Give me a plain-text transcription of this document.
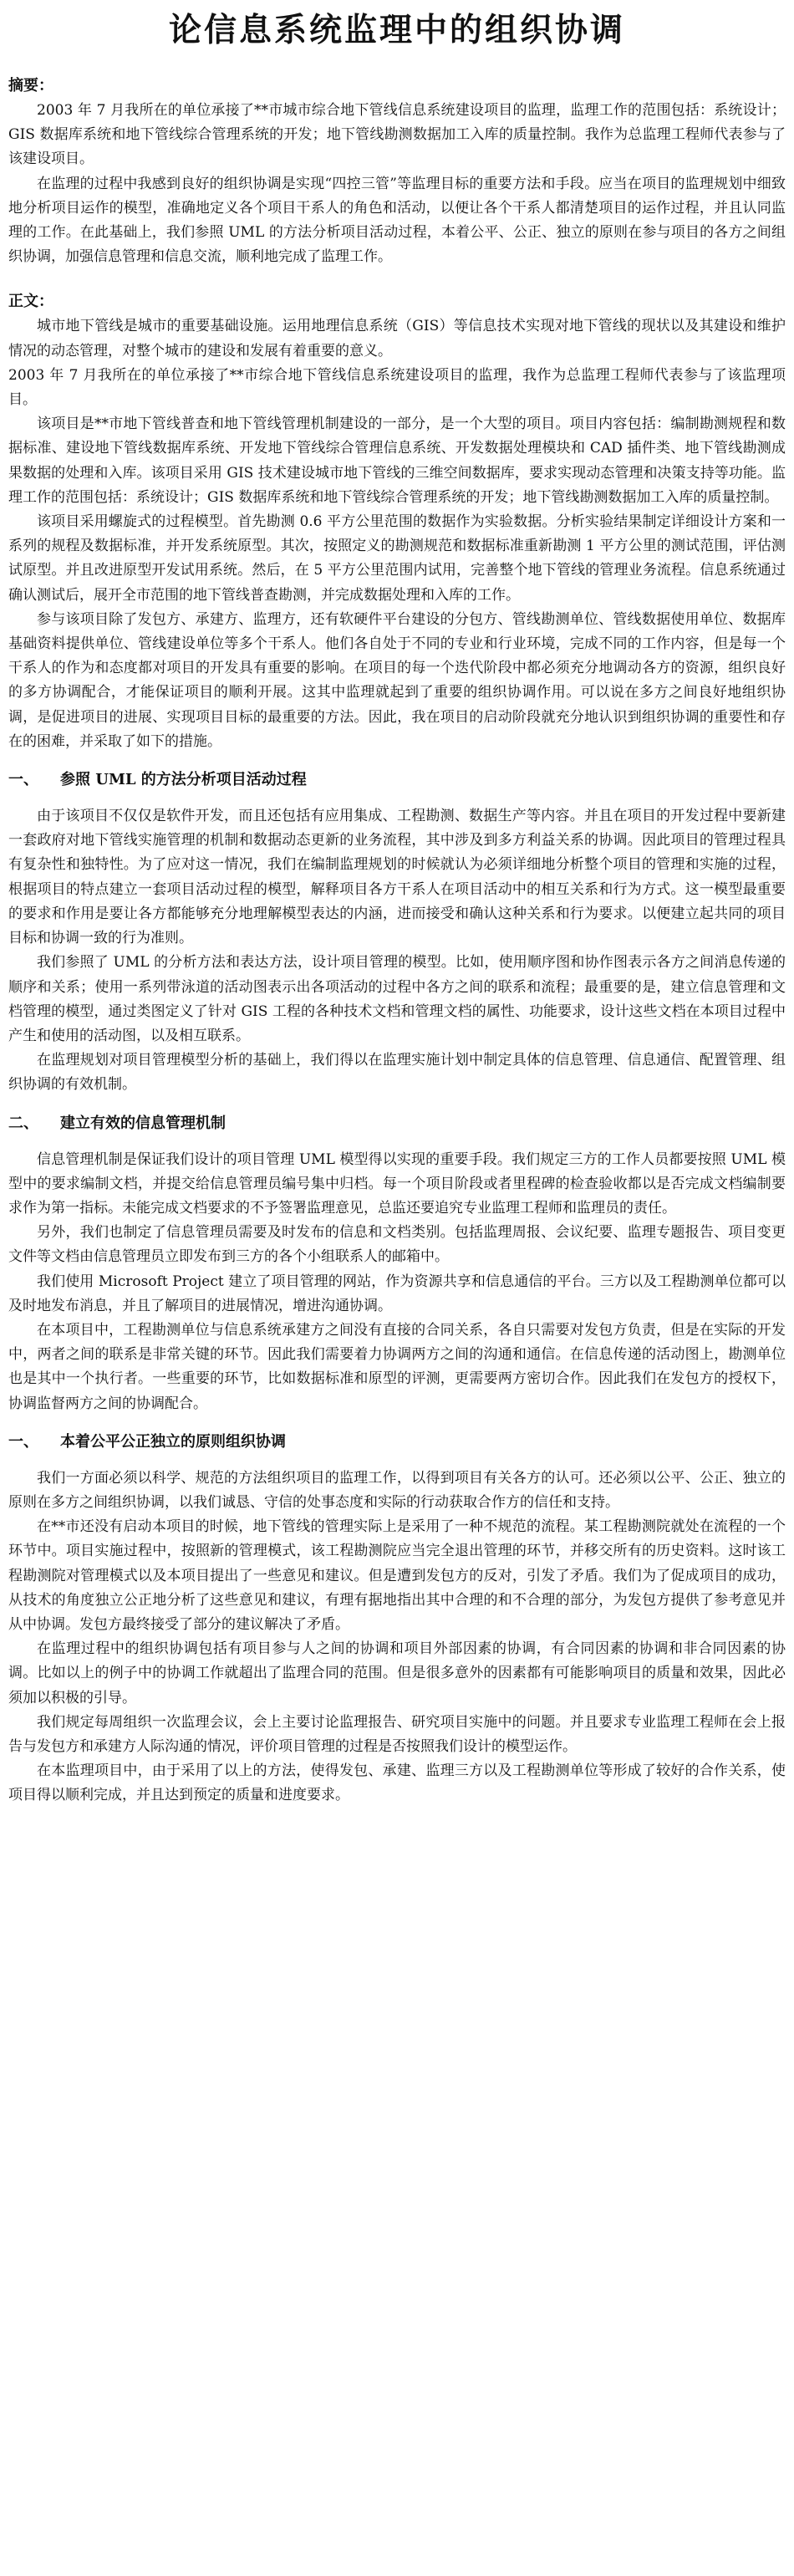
论信息系统监理中的组织协调

摘要：

2003 年 7 月我所在的单位承接了**市城市综合地下管线信息系统建设项目的监理，监理工作的范围包括：系统设计；GIS 数据库系统和地下管线综合管理系统的开发；地下管线勘测数据加工入库的质量控制。我作为总监理工程师代表参与了该建设项目。

在监理的过程中我感到良好的组织协调是实现“四控三管”等监理目标的重要方法和手段。应当在项目的监理规划中细致地分析项目运作的模型，准确地定义各个项目干系人的角色和活动，以便让各个干系人都清楚项目的运作过程，并且认同监理的工作。在此基础上，我们参照 UML 的方法分析项目活动过程，本着公平、公正、独立的原则在参与项目的各方之间组织协调，加强信息管理和信息交流，顺利地完成了监理工作。

正文：

城市地下管线是城市的重要基础设施。运用地理信息系统（GIS）等信息技术实现对地下管线的现状以及其建设和维护情况的动态管理，对整个城市的建设和发展有着重要的意义。

2003 年 7 月我所在的单位承接了**市综合地下管线信息系统建设项目的监理，我作为总监理工程师代表参与了该监理项目。

该项目是**市地下管线普查和地下管线管理机制建设的一部分，是一个大型的项目。项目内容包括：编制勘测规程和数据标准、建设地下管线数据库系统、开发地下管线综合管理信息系统、开发数据处理模块和 CAD 插件类、地下管线勘测成果数据的处理和入库。该项目采用 GIS 技术建设城市地下管线的三维空间数据库，要求实现动态管理和决策支持等功能。监理工作的范围包括：系统设计；GIS 数据库系统和地下管线综合管理系统的开发；地下管线勘测数据加工入库的质量控制。

该项目采用螺旋式的过程模型。首先勘测 0.6 平方公里范围的数据作为实验数据。分析实验结果制定详细设计方案和一系列的规程及数据标准，并开发系统原型。其次，按照定义的勘测规范和数据标准重新勘测 1 平方公里的测试范围，评估测试原型。并且改进原型开发试用系统。然后，在 5 平方公里范围内试用，完善整个地下管线的管理业务流程。信息系统通过确认测试后，展开全市范围的地下管线普查勘测，并完成数据处理和入库的工作。

参与该项目除了发包方、承建方、监理方，还有软硬件平台建设的分包方、管线勘测单位、管线数据使用单位、数据库基础资料提供单位、管线建设单位等多个干系人。他们各自处于不同的专业和行业环境，完成不同的工作内容，但是每一个干系人的作为和态度都对项目的开发具有重要的影响。在项目的每一个迭代阶段中都必须充分地调动各方的资源，组织良好的多方协调配合，才能保证项目的顺利开展。这其中监理就起到了重要的组织协调作用。可以说在多方之间良好地组织协调，是促进项目的进展、实现项目目标的最重要的方法。因此，我在项目的启动阶段就充分地认识到组织协调的重要性和存在的困难，并采取了如下的措施。

一、 参照 UML 的方法分析项目活动过程

由于该项目不仅仅是软件开发，而且还包括有应用集成、工程勘测、数据生产等内容。并且在项目的开发过程中要新建一套政府对地下管线实施管理的机制和数据动态更新的业务流程，其中涉及到多方利益关系的协调。因此项目的管理过程具有复杂性和独特性。为了应对这一情况，我们在编制监理规划的时候就认为必须详细地分析整个项目的管理和实施的过程，根据项目的特点建立一套项目活动过程的模型，解释项目各方干系人在项目活动中的相互关系和行为方式。这一模型最重要的要求和作用是要让各方都能够充分地理解模型表达的内涵，进而接受和确认这种关系和行为要求。以便建立起共同的项目目标和协调一致的行为准则。

我们参照了 UML 的分析方法和表达方法，设计项目管理的模型。比如，使用顺序图和协作图表示各方之间消息传递的顺序和关系；使用一系列带泳道的活动图表示出各项活动的过程中各方之间的联系和流程；最重要的是，建立信息管理和文档管理的模型，通过类图定义了针对 GIS 工程的各种技术文档和管理文档的属性、功能要求，设计这些文档在本项目过程中产生和使用的活动图，以及相互联系。

在监理规划对项目管理模型分析的基础上，我们得以在监理实施计划中制定具体的信息管理、信息通信、配置管理、组织协调的有效机制。

二、 建立有效的信息管理机制

信息管理机制是保证我们设计的项目管理 UML 模型得以实现的重要手段。我们规定三方的工作人员都要按照 UML 模型中的要求编制文档，并提交给信息管理员编号集中归档。每一个项目阶段或者里程碑的检查验收都以是否完成文档编制要求作为第一指标。未能完成文档要求的不予签署监理意见，总监还要追究专业监理工程师和监理员的责任。

另外，我们也制定了信息管理员需要及时发布的信息和文档类别。包括监理周报、会议纪要、监理专题报告、项目变更文件等文档由信息管理员立即发布到三方的各个小组联系人的邮箱中。

我们使用 Microsoft Project 建立了项目管理的网站，作为资源共享和信息通信的平台。三方以及工程勘测单位都可以及时地发布消息，并且了解项目的进展情况，增进沟通协调。

在本项目中，工程勘测单位与信息系统承建方之间没有直接的合同关系，各自只需要对发包方负责，但是在实际的开发中，两者之间的联系是非常关键的环节。因此我们需要着力协调两方之间的沟通和通信。在信息传递的活动图上，勘测单位也是其中一个执行者。一些重要的环节，比如数据标准和原型的评测，更需要两方密切合作。因此我们在发包方的授权下，协调监督两方之间的协调配合。

一、 本着公平公正独立的原则组织协调

我们一方面必须以科学、规范的方法组织项目的监理工作，以得到项目有关各方的认可。还必须以公平、公正、独立的原则在多方之间组织协调，以我们诚恳、守信的处事态度和实际的行动获取合作方的信任和支持。

在**市还没有启动本项目的时候，地下管线的管理实际上是采用了一种不规范的流程。某工程勘测院就处在流程的一个环节中。项目实施过程中，按照新的管理模式，该工程勘测院应当完全退出管理的环节，并移交所有的历史资料。这时该工程勘测院对管理模式以及本项目提出了一些意见和建议。但是遭到发包方的反对，引发了矛盾。我们为了促成项目的成功，从技术的角度独立公正地分析了这些意见和建议，有理有据地指出其中合理的和不合理的部分，为发包方提供了参考意见并从中协调。发包方最终接受了部分的建议解决了矛盾。

在监理过程中的组织协调包括有项目参与人之间的协调和项目外部因素的协调，有合同因素的协调和非合同因素的协调。比如以上的例子中的协调工作就超出了监理合同的范围。但是很多意外的因素都有可能影响项目的质量和效果，因此必须加以积极的引导。

我们规定每周组织一次监理会议，会上主要讨论监理报告、研究项目实施中的问题。并且要求专业监理工程师在会上报告与发包方和承建方人际沟通的情况，评价项目管理的过程是否按照我们设计的模型运作。

在本监理项目中，由于采用了以上的方法，使得发包、承建、监理三方以及工程勘测单位等形成了较好的合作关系，使项目得以顺利完成，并且达到预定的质量和进度要求。
